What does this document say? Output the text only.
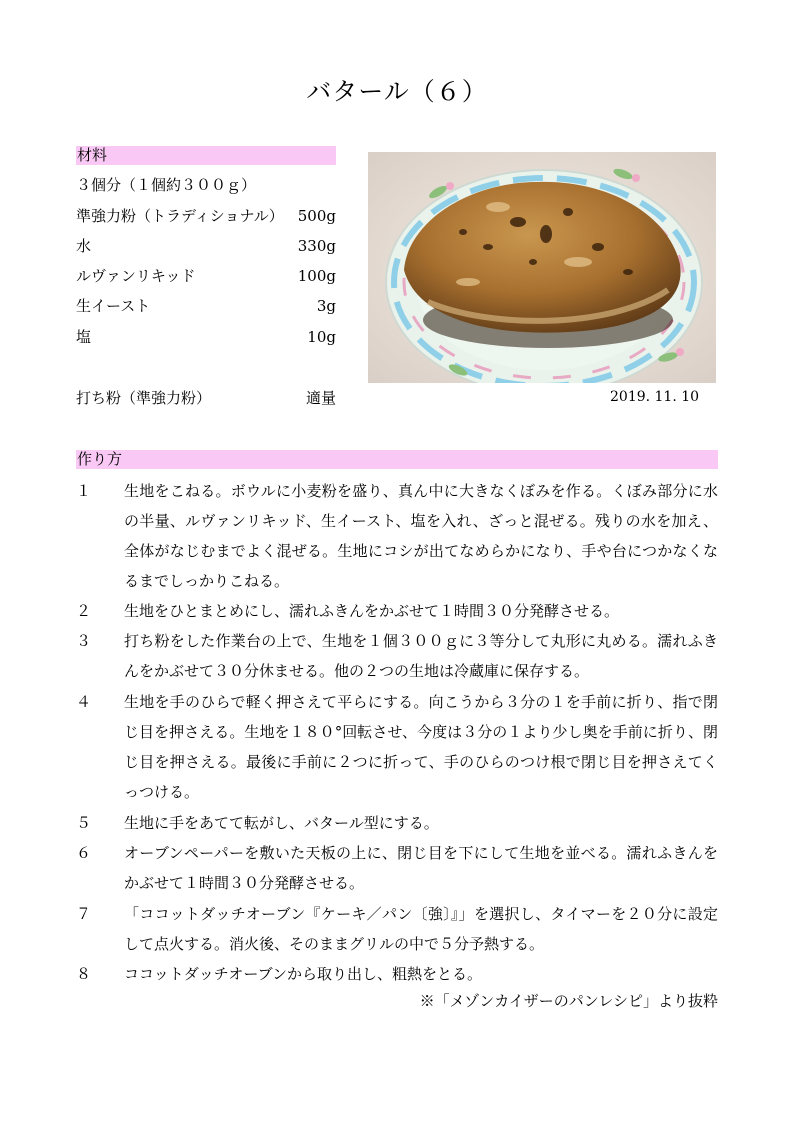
バタール（６）
材料
３個分（１個約３００ｇ）
準強力粉（トラディショナル） 500g
水	330g
ルヴァンリキッド	100g
生イースト	3g
塩	10g
打ち粉（準強力粉）	適量	2019. 11. 10
作り方
１	生地をこねる。ボウルに小麦粉を盛り、真ん中に大きなくぼみを作る。くぼみ部分に水の半量、ルヴァンリキッド、生イースト、塩を入れ、ざっと混ぜる。残りの水を加え、全体がなじむまでよく混ぜる。生地にコシが出てなめらかになり、手や台につかなくなるまでしっかりこねる。
２	生地をひとまとめにし、濡れふきんをかぶせて１時間３０分発酵させる。
３	打ち粉をした作業台の上で、生地を１個３００ｇに３等分して丸形に丸める。濡れふきんをかぶせて３０分休ませる。他の２つの生地は冷蔵庫に保存する。
４	生地を手のひらで軽く押さえて平らにする。向こうから３分の１を手前に折り、指で閉じ目を押さえる。生地を１８０°回転させ、今度は３分の１より少し奥を手前に折り、閉じ目を押さえる。最後に手前に２つに折って、手のひらのつけ根で閉じ目を押さえてくっつける。
５	生地に手をあてて転がし、バタール型にする。
６	オーブンペーパーを敷いた天板の上に、閉じ目を下にして生地を並べる。濡れふきんをかぶせて１時間３０分発酵させる。
７	「ココットダッチオーブン『ケーキ／パン〔強〕』」を選択し、タイマーを２０分に設定して点火する。消火後、そのままグリルの中で５分予熱する。
８	ココットダッチオーブンから取り出し、粗熱をとる。
※「メゾンカイザーのパンレシピ」より抜粋
